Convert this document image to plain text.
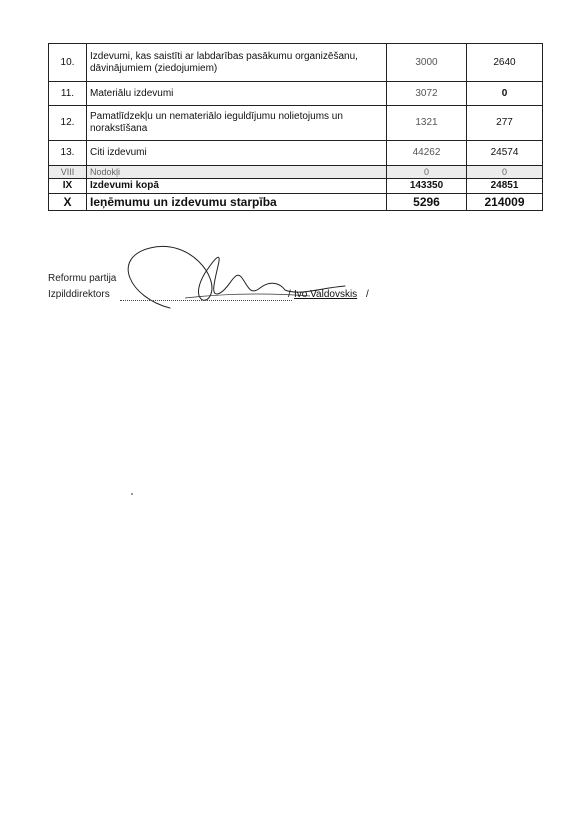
10.	Izdevumi, kas saistīti ar labdarības pasākumu organizēšanu, dāvinājumiem (ziedojumiem)	3000	2640
11.	Materiālu izdevumi	3072	0
12.	Pamatlīdzekļu un nemateriālo ieguldījumu nolietojums un norakstīšana	1321	277
13.	Citi izdevumi	44262	24574
VIII	Nodokļi	0	0
IX	Izdevumi kopā	143350	24851
X	Ieņēmumu un izdevumu starpība	5296	214009
Reformu partija
Izpilddirektors	/ Ivo Valdovskis /
